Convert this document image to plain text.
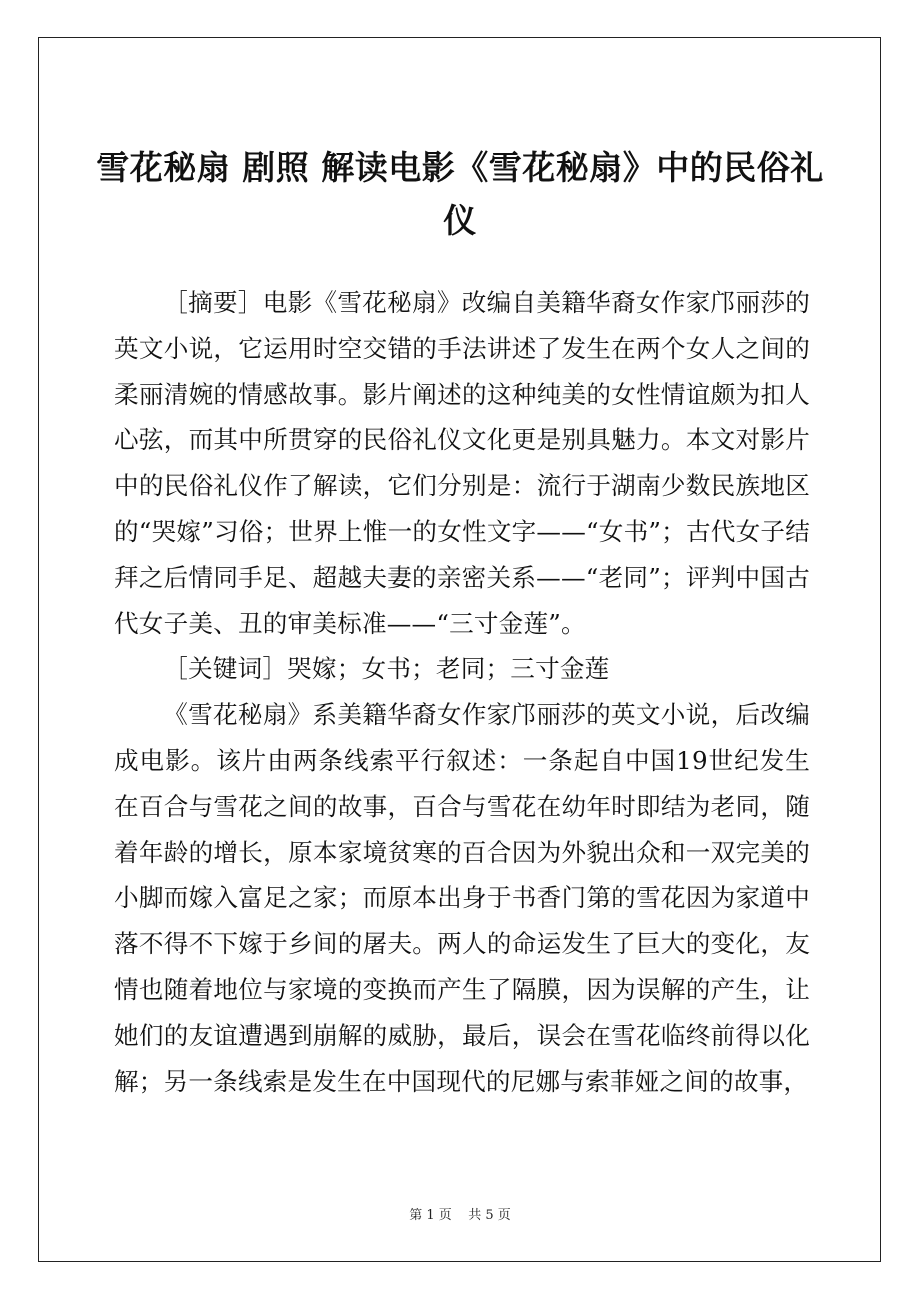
雪花秘扇 剧照 解读电影《雪花秘扇》中的民俗礼仪

［摘要］电影《雪花秘扇》改编自美籍华裔女作家邝丽莎的英文小说，它运用时空交错的手法讲述了发生在两个女人之间的柔丽清婉的情感故事。影片阐述的这种纯美的女性情谊颇为扣人心弦，而其中所贯穿的民俗礼仪文化更是别具魅力。本文对影片中的民俗礼仪作了解读，它们分别是：流行于湖南少数民族地区的“哭嫁”习俗；世界上惟一的女性文字——“女书”；古代女子结拜之后情同手足、超越夫妻的亲密关系——“老同”；评判中国古代女子美、丑的审美标准——“三寸金莲”。

［关键词］哭嫁；女书；老同；三寸金莲

《雪花秘扇》系美籍华裔女作家邝丽莎的英文小说，后改编成电影。该片由两条线索平行叙述：一条起自中国19世纪发生在百合与雪花之间的故事，百合与雪花在幼年时即结为老同，随着年龄的增长，原本家境贫寒的百合因为外貌出众和一双完美的小脚而嫁入富足之家；而原本出身于书香门第的雪花因为家道中落不得不下嫁于乡间的屠夫。两人的命运发生了巨大的变化，友情也随着地位与家境的变换而产生了隔膜，因为误解的产生，让她们的友谊遭遇到崩解的威胁，最后，误会在雪花临终前得以化解；另一条线索是发生在中国现代的尼娜与索菲娅之间的故事，

第 1 页    共 5 页
